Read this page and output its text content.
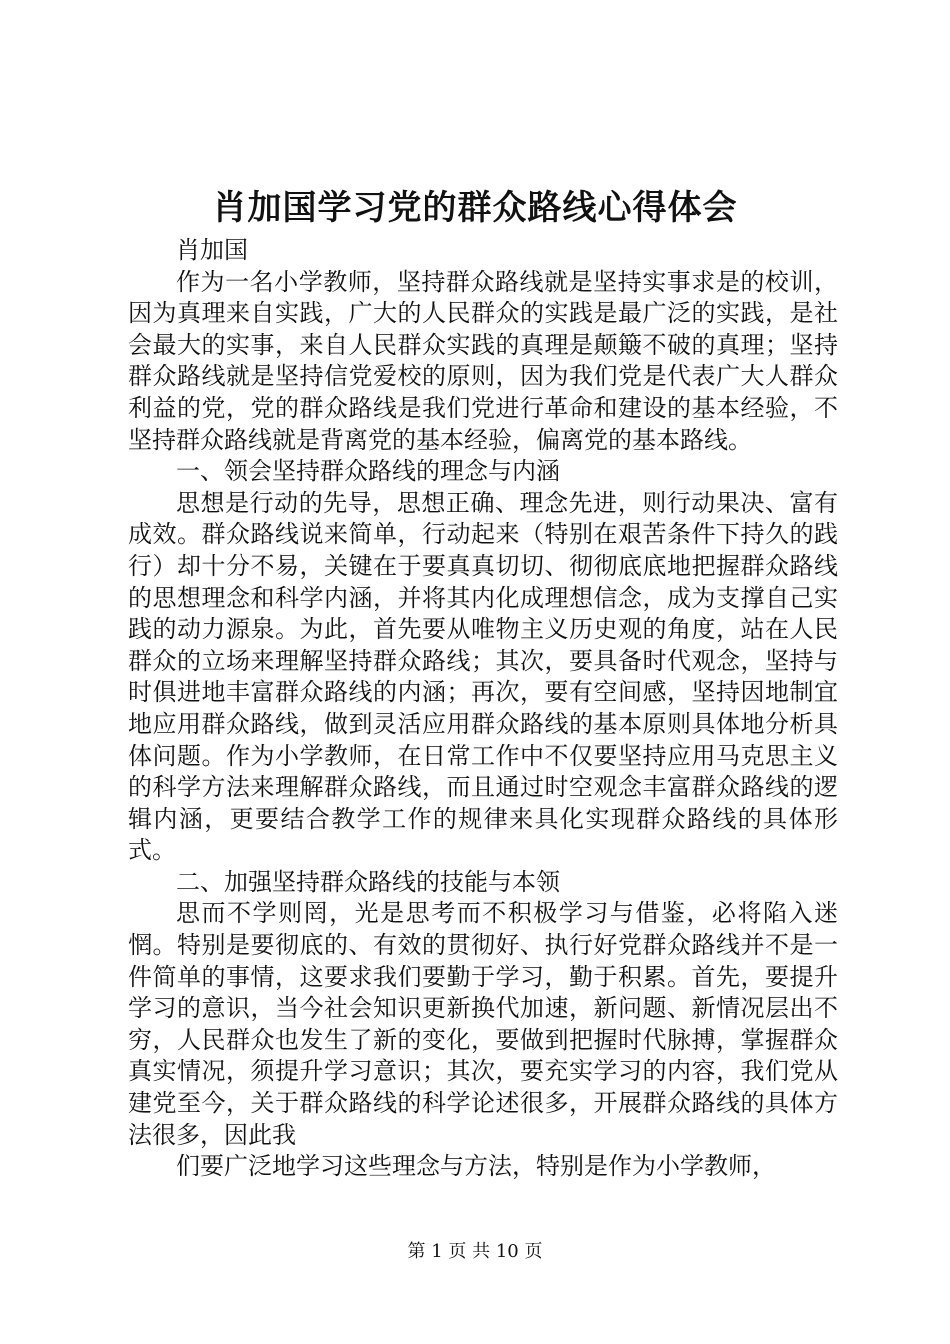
肖加国学习党的群众路线心得体会

肖加国

作为一名小学教师，坚持群众路线就是坚持实事求是的校训，因为真理来自实践，广大的人民群众的实践是最广泛的实践，是社会最大的实事，来自人民群众实践的真理是颠簸不破的真理；坚持群众路线就是坚持信党爱校的原则，因为我们党是代表广大人群众利益的党，党的群众路线是我们党进行革命和建设的基本经验，不坚持群众路线就是背离党的基本经验，偏离党的基本路线。

一、领会坚持群众路线的理念与内涵

思想是行动的先导，思想正确、理念先进，则行动果决、富有成效。群众路线说来简单，行动起来（特别在艰苦条件下持久的践行）却十分不易，关键在于要真真切切、彻彻底底地把握群众路线的思想理念和科学内涵，并将其内化成理想信念，成为支撑自己实践的动力源泉。为此，首先要从唯物主义历史观的角度，站在人民群众的立场来理解坚持群众路线；其次，要具备时代观念，坚持与时俱进地丰富群众路线的内涵；再次，要有空间感，坚持因地制宜地应用群众路线，做到灵活应用群众路线的基本原则具体地分析具体问题。作为小学教师，在日常工作中不仅要坚持应用马克思主义的科学方法来理解群众路线，而且通过时空观念丰富群众路线的逻辑内涵，更要结合教学工作的规律来具化实现群众路线的具体形式。

二、加强坚持群众路线的技能与本领

思而不学则罔，光是思考而不积极学习与借鉴，必将陷入迷惘。特别是要彻底的、有效的贯彻好、执行好党群众路线并不是一件简单的事情，这要求我们要勤于学习，勤于积累。首先，要提升学习的意识，当今社会知识更新换代加速，新问题、新情况层出不穷，人民群众也发生了新的变化，要做到把握时代脉搏，掌握群众真实情况，须提升学习意识；其次，要充实学习的内容，我们党从建党至今，关于群众路线的科学论述很多，开展群众路线的具体方法很多，因此我

们要广泛地学习这些理念与方法，特别是作为小学教师，

第 1 页 共 10 页
